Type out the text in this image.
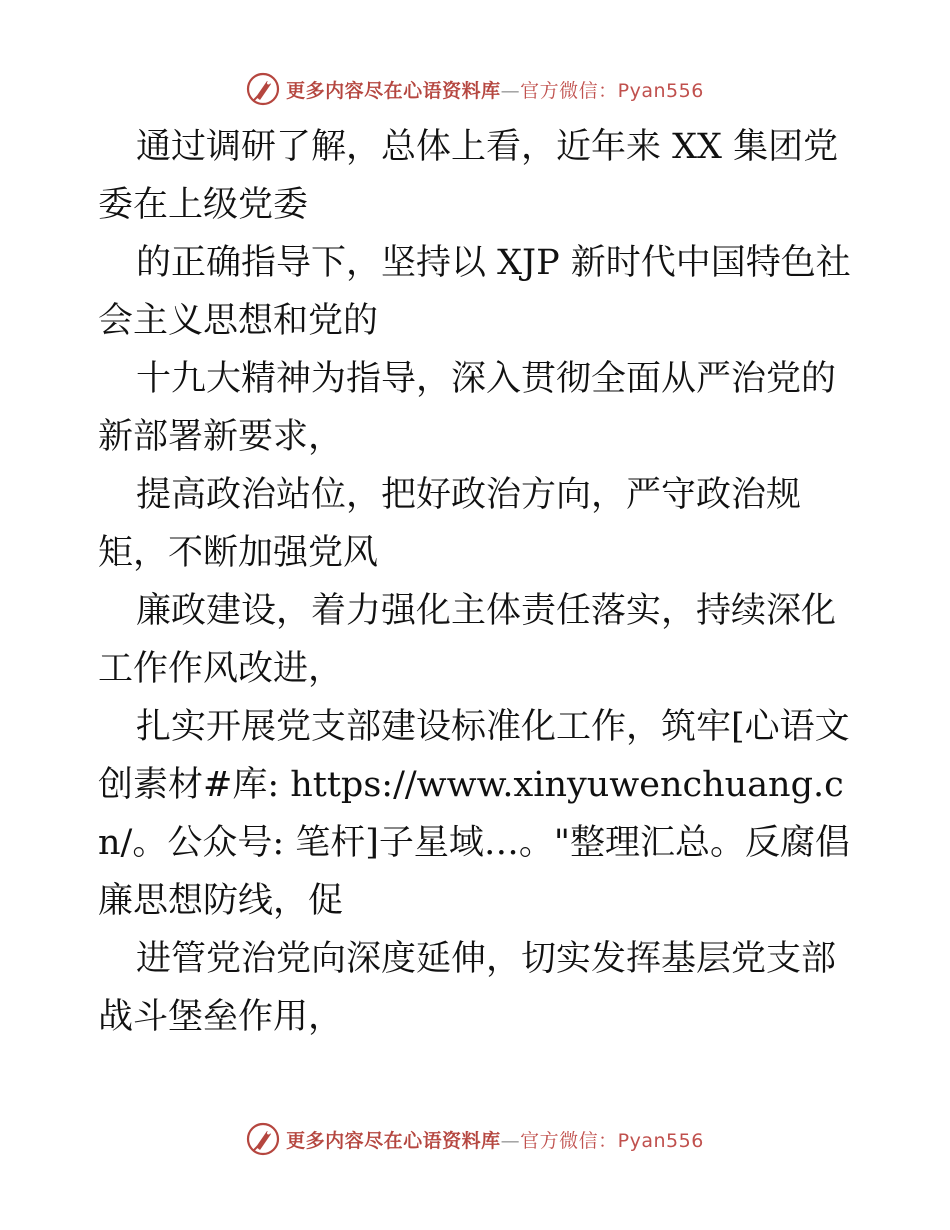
更多内容尽在心语资料库—官方微信：Pyan556

通过调研了解，总体上看，近年来 XX 集团党委在上级党委

的正确指导下，坚持以 XJP 新时代中国特色社会主义思想和党的

十九大精神为指导，深入贯彻全面从严治党的新部署新要求，

提高政治站位，把好政治方向，严守政治规矩，不断加强党风

廉政建设，着力强化主体责任落实，持续深化工作作风改进，

扎实开展党支部建设标准化工作，筑牢[心语文创素材#库: https://www.xinyuwenchuang.cn/。公众号: 笔杆]子星域…。"整理汇总。反腐倡廉思想防线，促

进管党治党向深度延伸，切实发挥基层党支部战斗堡垒作用，

更多内容尽在心语资料库—官方微信：Pyan556
